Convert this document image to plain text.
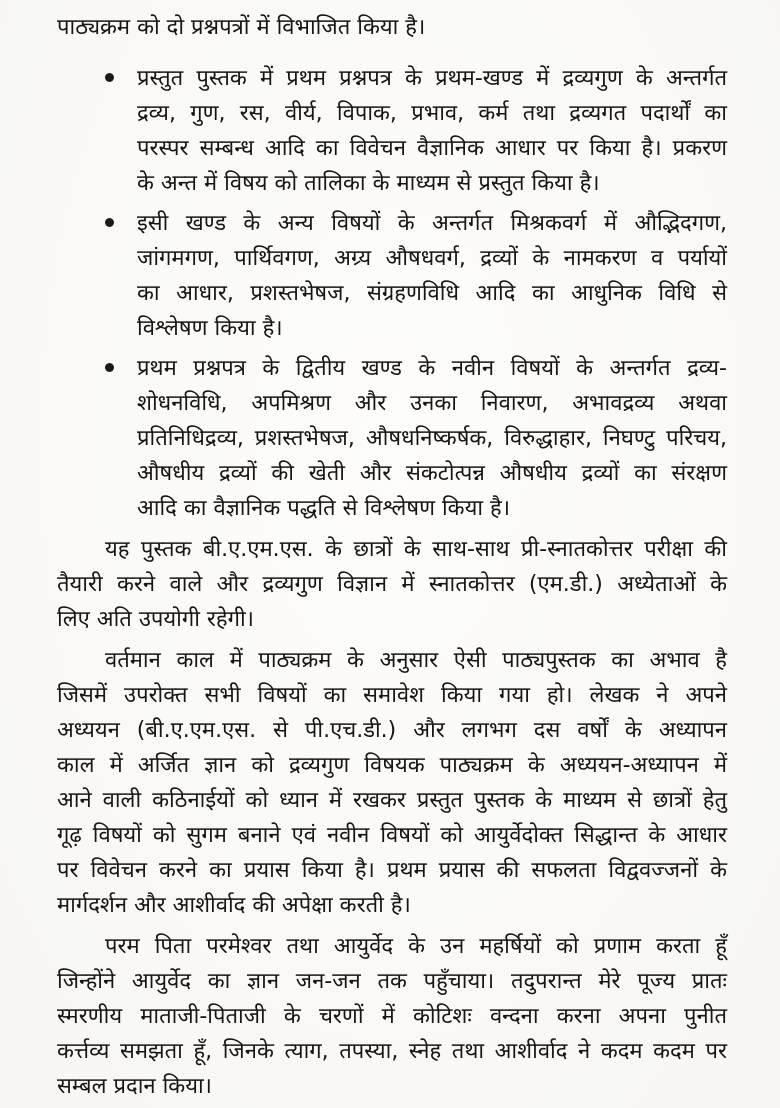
पाठ्यक्रम को दो प्रश्नपत्रों में विभाजित किया है।
प्रस्तुत पुस्तक में प्रथम प्रश्नपत्र के प्रथम-खण्ड में द्रव्यगुण के अन्तर्गत
द्रव्य, गुण, रस, वीर्य, विपाक, प्रभाव, कर्म तथा द्रव्यगत पदार्थों का
परस्पर सम्बन्ध आदि का विवेचन वैज्ञानिक आधार पर किया है। प्रकरण
के अन्त में विषय को तालिका के माध्यम से प्रस्तुत किया है।
इसी खण्ड के अन्य विषयों के अन्तर्गत मिश्रकवर्ग में औद्भिदगण,
जांगमगण, पार्थिवगण, अग्र्य औषधवर्ग, द्रव्यों के नामकरण व पर्यायों
का आधार, प्रशस्तभेषज, संग्रहणविधि आदि का आधुनिक विधि से
विश्लेषण किया है।
प्रथम प्रश्नपत्र के द्वितीय खण्ड के नवीन विषयों के अन्तर्गत द्रव्य-
शोधनविधि, अपमिश्रण और उनका निवारण, अभावद्रव्य अथवा
प्रतिनिधिद्रव्य, प्रशस्तभेषज, औषधनिष्कर्षक, विरुद्धाहार, निघण्टु परिचय,
औषधीय द्रव्यों की खेती और संकटोत्पन्न औषधीय द्रव्यों का संरक्षण
आदि का वैज्ञानिक पद्धति से विश्लेषण किया है।
यह पुस्तक बी.ए.एम.एस. के छात्रों के साथ-साथ प्री-स्नातकोत्तर परीक्षा की
तैयारी करने वाले और द्रव्यगुण विज्ञान में स्नातकोत्तर (एम.डी.) अध्येताओं के
लिए अति उपयोगी रहेगी।
वर्तमान काल में पाठ्यक्रम के अनुसार ऐसी पाठ्यपुस्तक का अभाव है
जिसमें उपरोक्त सभी विषयों का समावेश किया गया हो। लेखक ने अपने
अध्ययन (बी.ए.एम.एस. से पी.एच.डी.) और लगभग दस वर्षों के अध्यापन
काल में अर्जित ज्ञान को द्रव्यगुण विषयक पाठ्यक्रम के अध्ययन-अध्यापन में
आने वाली कठिनाईयों को ध्यान में रखकर प्रस्तुत पुस्तक के माध्यम से छात्रों हेतु
गूढ़ विषयों को सुगम बनाने एवं नवीन विषयों को आयुर्वेदोक्त सिद्धान्त के आधार
पर विवेचन करने का प्रयास किया है। प्रथम प्रयास की सफलता विद्ववज्जनों के
मार्गदर्शन और आशीर्वाद की अपेक्षा करती है।
परम पिता परमेश्वर तथा आयुर्वेद के उन महर्षियों को प्रणाम करता हूँ
जिन्होंने आयुर्वेद का ज्ञान जन-जन तक पहुँचाया। तदुपरान्त मेरे पूज्य प्रातः
स्मरणीय माताजी-पिताजी के चरणों में कोटिशः वन्दना करना अपना पुनीत
कर्त्तव्य समझता हूँ, जिनके त्याग, तपस्या, स्नेह तथा आशीर्वाद ने कदम कदम पर
सम्बल प्रदान किया।
